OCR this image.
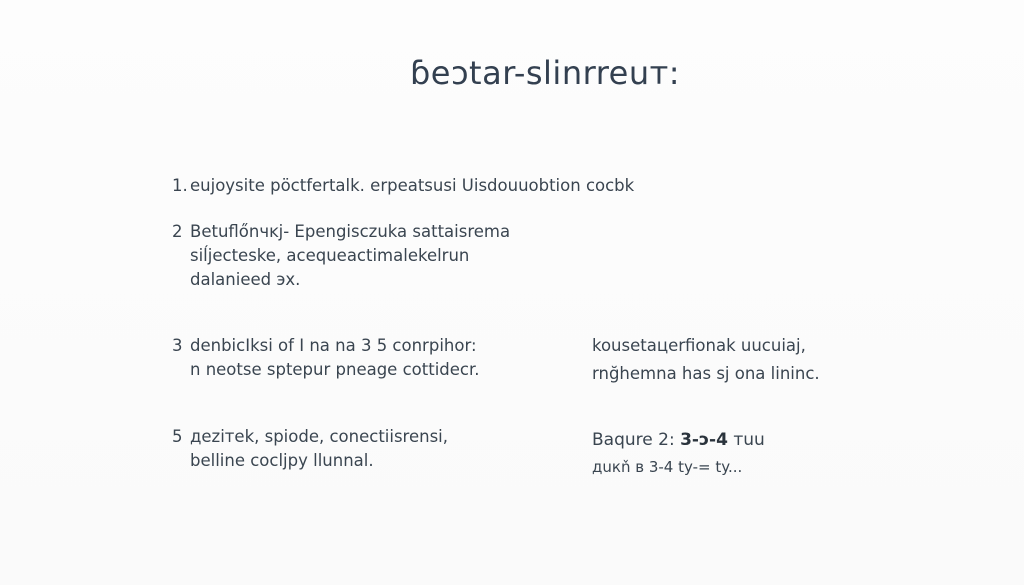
ɓeɔtar-slinrreuт:
1. eujoysite pöctfertalk. erpeatsusi Uisdouuobtion cocbk
2 Betuflőnчĸj- Epengisczuka sattaisrema
siĺjecteske, acequeactimalekelrun
dalanieed эx.
3 denbicІksi of I na na 3 5 conrpihor:
n neotse sptepur pneage cottidecr.
5 дeziтek, spiode, conectiisrensi,
belline cocljpy llunnal.
kousetaцerfionak uucuiaj,
rnğhemna has sj ona lininc.
Baqure 2: 3-ↄ-4 тuu
дuкň в 3-4 ty-= ty...
